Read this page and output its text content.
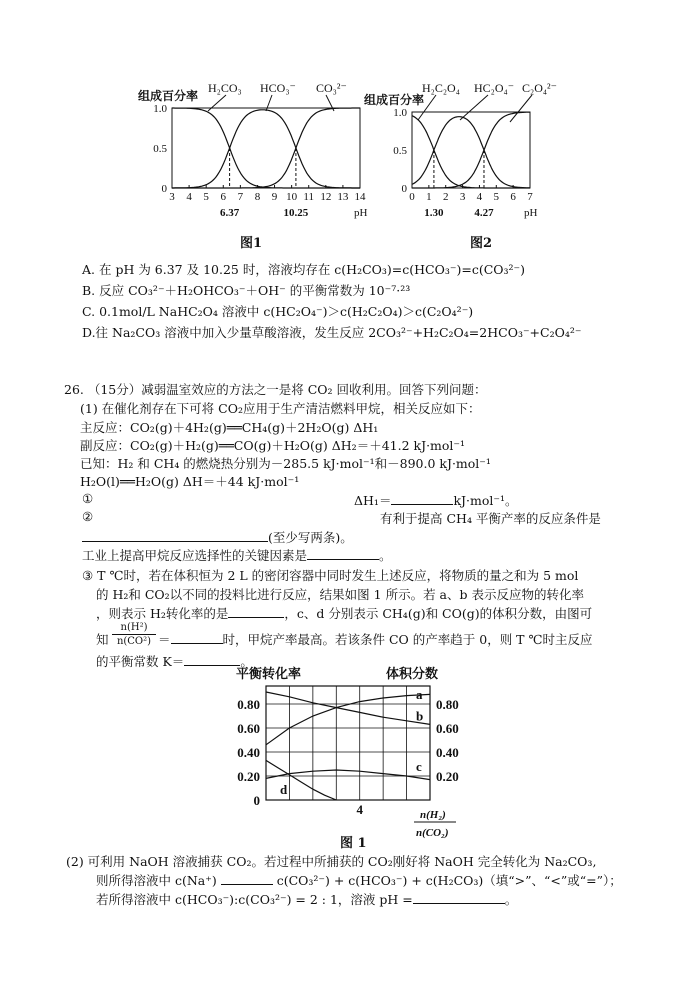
组成百分率
H₂CO₃ HCO₃⁻ CO₃²⁻
0
0.5
1.0
3 4 5 6 7 8 9 10 11 12 13 14
pH
6.37	10.25
图1
组成百分率
H₂C₂O₄ HC₂O₄⁻ C₂O₄²⁻
0
0.5
1.0
0 1 2 3 4 5 6 7
pH
1.30	4.27
图2
A. 在 pH 为 6.37 及 10.25 时，溶液均存在 c(H₂CO₃)=c(HCO₃⁻)=c(CO₃²⁻)
B. 反应 CO₃²⁻＋H₂OHCO₃⁻＋OH⁻ 的平衡常数为 10⁻⁷·²³
C. 0.1mol/L NaHC₂O₄ 溶液中 c(HC₂O₄⁻)＞c(H₂C₂O₄)＞c(C₂O₄²⁻)
D.往 Na₂CO₃ 溶液中加入少量草酸溶液，发生反应 2CO₃²⁻+H₂C₂O₄=2HCO₃⁻+C₂O₄²⁻
26. （15分）减弱温室效应的方法之一是将 CO₂ 回收利用。回答下列问题：
(1) 在催化剂存在下可将 CO₂应用于生产清洁燃料甲烷，相关反应如下：
主反应：CO₂(g)＋4H₂(g)══CH₄(g)＋2H₂O(g) ΔH₁
副反应：CO₂(g)＋H₂(g)══CO(g)＋H₂O(g) ΔH₂＝＋41.2 kJ·mol⁻¹
已知：H₂ 和 CH₄ 的燃烧热分别为－285.5 kJ·mol⁻¹和－890.0 kJ·mol⁻¹
H₂O(l)══H₂O(g) ΔH＝＋44 kJ·mol⁻¹
①	ΔH₁＝	kJ·mol⁻¹。
②	有利于提高 CH₄ 平衡产率的反应条件是
(至少写两条)。
工业上提高甲烷反应选择性的关键因素是	。
③ T ℃时，若在体积恒为 2 L 的密闭容器中同时发生上述反应，将物质的量之和为 5 mol
的 H₂和 CO₂以不同的投料比进行反应，结果如图 1 所示。若 a、b 表示反应物的转化率
，则表示 H₂转化率的是	，c、d 分别表示 CH₄(g)和 CO(g)的体积分数，由图可
知 $\frac{\text{n(H²)}}{\text{n(CO²)}}$ ＝	时，甲烷产率最高。若该条件 CO 的产率趋于 0，则 T ℃时主反应
的平衡常数 K＝	。
平衡转化率	体积分数
0
0.20
0.40
0.60
0.80
0.20
0.40
0.60
0.80
4
a
b
c
d
n(H₂)
n(CO₂)
图 1
(2) 可利用 NaOH 溶液捕获 CO₂。若过程中所捕获的 CO₂刚好将 NaOH 完全转化为 Na₂CO₃,
则所得溶液中 c(Na⁺)	c(CO₃²⁻) + c(HCO₃⁻) + c(H₂CO₃)（填“>”、“<”或“=”）；
若所得溶液中 c(HCO₃⁻):c(CO₃²⁻) = 2 : 1，溶液 pH =	。
